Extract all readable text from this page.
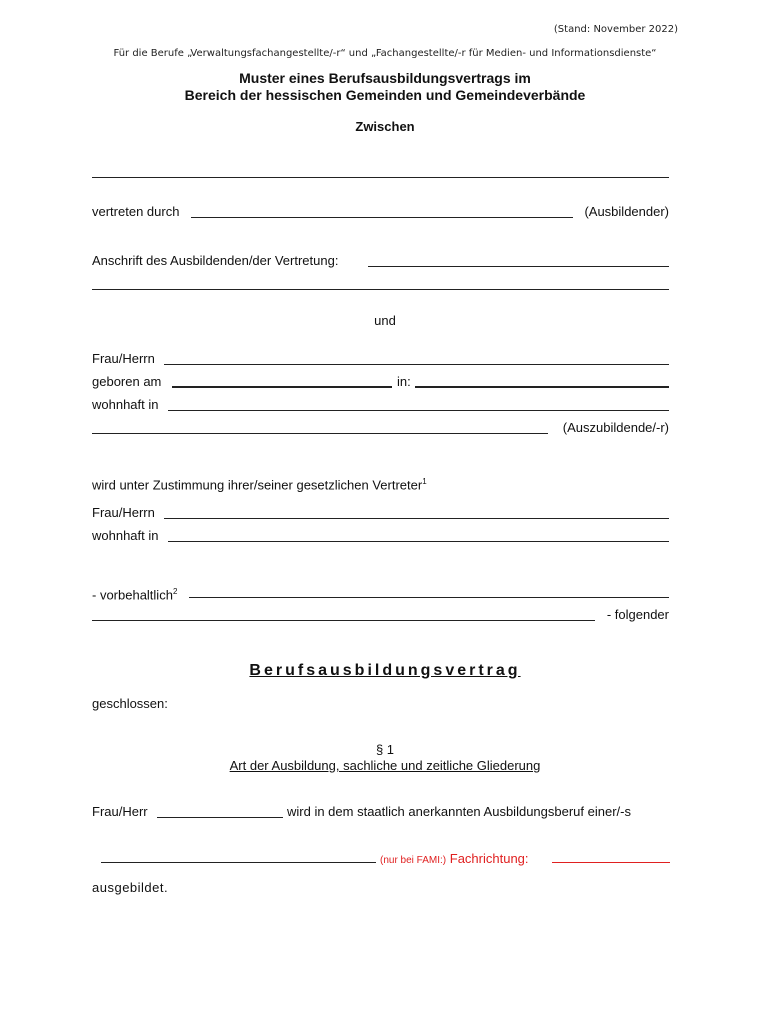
(Stand: November 2022)
Für die Berufe „Verwaltungsfachangestellte/-r“ und „Fachangestellte/-r für Medien- und Informationsdienste“
Muster eines Berufsausbildungsvertrags im
Bereich der hessischen Gemeinden und Gemeindeverbände
Zwischen
vertreten durch	(Ausbildender)
Anschrift des Ausbildenden/der Vertretung:
und
Frau/Herrn
geboren am	in:
wohnhaft in
(Auszubildende/-r)
wird unter Zustimmung ihrer/seiner gesetzlichen Vertreter$^1$
Frau/Herrn
wohnhaft in
- vorbehaltlich$^2$
- folgender
Berufsausbildungsvertrag
geschlossen:
§ 1
Art der Ausbildung, sachliche und zeitliche Gliederung
Frau/Herr	wird in dem staatlich anerkannten Ausbildungsberuf einer/-s
(nur bei FAMI:) Fachrichtung:
ausgebildet.
